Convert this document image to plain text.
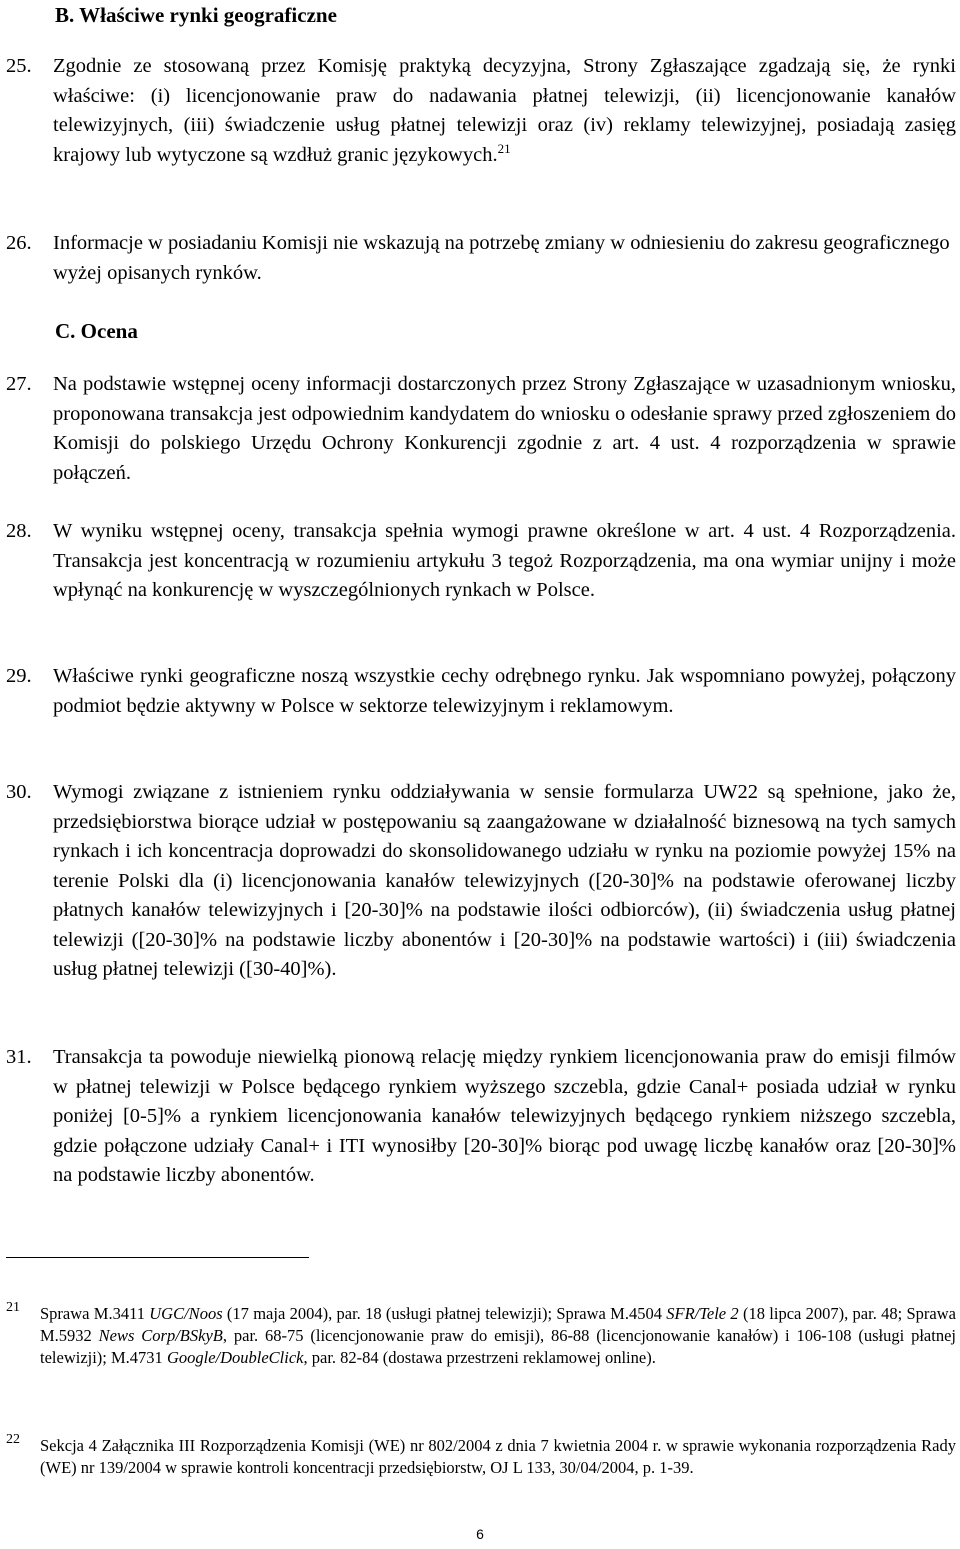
B. Właściwe rynki geograficzne
25. Zgodnie ze stosowaną przez Komisję praktyką decyzyjna, Strony Zgłaszające zgadzają się, że rynki właściwe: (i) licencjonowanie praw do nadawania płatnej telewizji, (ii) licencjonowanie kanałów telewizyjnych, (iii) świadczenie usług płatnej telewizji oraz (iv) reklamy telewizyjnej, posiadają zasięg krajowy lub wytyczone są wzdłuż granic językowych.$^{21}$
26. Informacje w posiadaniu Komisji nie wskazują na potrzebę zmiany w odniesieniu do zakresu geograficznego wyżej opisanych rynków.
C. Ocena
27. Na podstawie wstępnej oceny informacji dostarczonych przez Strony Zgłaszające w uzasadnionym wniosku, proponowana transakcja jest odpowiednim kandydatem do wniosku o odesłanie sprawy przed zgłoszeniem do Komisji do polskiego Urzędu Ochrony Konkurencji zgodnie z art. 4 ust. 4 rozporządzenia w sprawie połączeń.
28. W wyniku wstępnej oceny, transakcja spełnia wymogi prawne określone w art. 4 ust. 4 Rozporządzenia. Transakcja jest koncentracją w rozumieniu artykułu 3 tegoż Rozporządzenia, ma ona wymiar unijny i może wpłynąć na konkurencję w wyszczególnionych rynkach w Polsce.
29. Właściwe rynki geograficzne noszą wszystkie cechy odrębnego rynku. Jak wspomniano powyżej, połączony podmiot będzie aktywny w Polsce w sektorze telewizyjnym i reklamowym.
30. Wymogi związane z istnieniem rynku oddziaływania w sensie formularza UW22 są spełnione, jako że, przedsiębiorstwa biorące udział w postępowaniu są zaangażowane w działalność biznesową na tych samych rynkach i ich koncentracja doprowadzi do skonsolidowanego udziału w rynku na poziomie powyżej 15% na terenie Polski dla (i) licencjonowania kanałów telewizyjnych ([20-30]% na podstawie oferowanej liczby płatnych kanałów telewizyjnych i [20-30]% na podstawie ilości odbiorców), (ii) świadczenia usług płatnej telewizji ([20-30]% na podstawie liczby abonentów i [20-30]% na podstawie wartości) i (iii) świadczenia usług płatnej telewizji ([30-40]%).
31. Transakcja ta powoduje niewielką pionową relację między rynkiem licencjonowania praw do emisji filmów w płatnej telewizji w Polsce będącego rynkiem wyższego szczebla, gdzie Canal+ posiada udział w rynku poniżej [0-5]% a rynkiem licencjonowania kanałów telewizyjnych będącego rynkiem niższego szczebla, gdzie połączone udziały Canal+ i ITI wynosiłby [20-30]% biorąc pod uwagę liczbę kanałów oraz [20-30]% na podstawie liczby abonentów.
21 Sprawa M.3411 UGC/Noos (17 maja 2004), par. 18 (usługi płatnej telewizji); Sprawa M.4504 SFR/Tele 2 (18 lipca 2007), par. 48; Sprawa M.5932 News Corp/BSkyB, par. 68-75 (licencjonowanie praw do emisji), 86-88 (licencjonowanie kanałów) i 106-108 (usługi płatnej telewizji); M.4731 Google/DoubleClick, par. 82-84 (dostawa przestrzeni reklamowej online).
22 Sekcja 4 Załącznika III Rozporządzenia Komisji (WE) nr 802/2004 z dnia 7 kwietnia 2004 r. w sprawie wykonania rozporządzenia Rady (WE) nr 139/2004 w sprawie kontroli koncentracji przedsiębiorstw, OJ L 133, 30/04/2004, p. 1-39.
6
